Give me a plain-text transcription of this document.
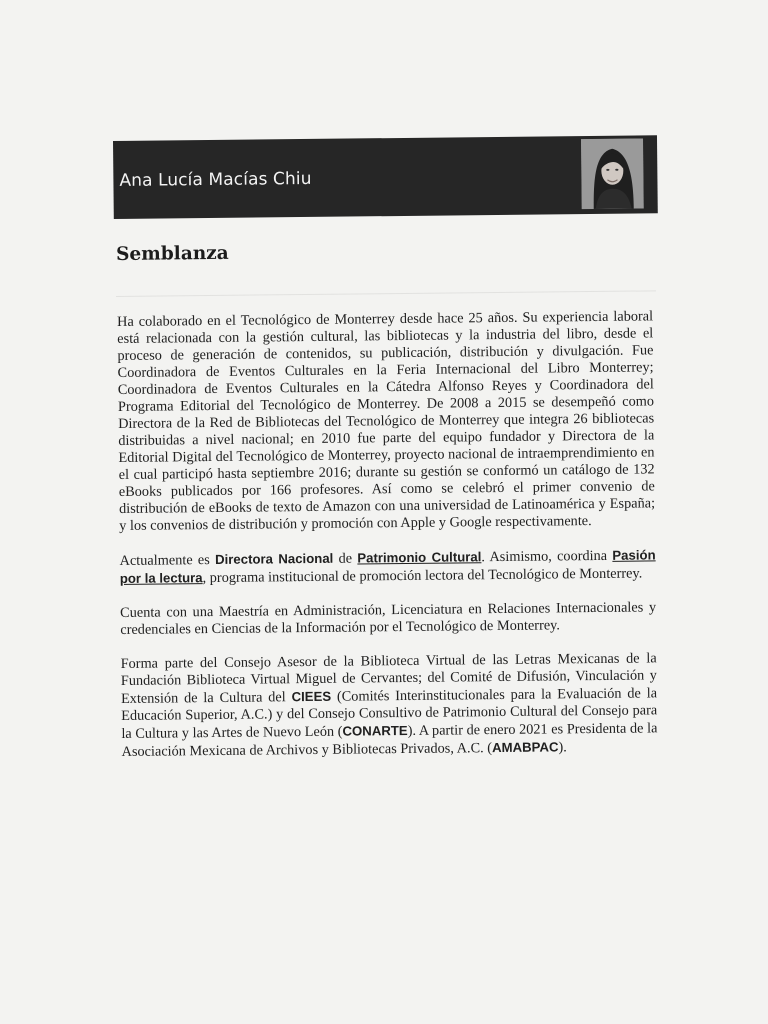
Ana Lucía Macías Chiu
Semblanza

Ha colaborado en el Tecnológico de Monterrey desde hace 25 años. Su experiencia laboral está relacionada con la gestión cultural, las bibliotecas y la industria del libro, desde el proceso de generación de contenidos, su publicación, distribución y divulgación. Fue Coordinadora de Eventos Culturales en la Feria Internacional del Libro Monterrey; Coordinadora de Eventos Culturales en la Cátedra Alfonso Reyes y Coordinadora del Programa Editorial del Tecnológico de Monterrey. De 2008 a 2015 se desempeñó como Directora de la Red de Bibliotecas del Tecnológico de Monterrey que integra 26 bibliotecas distribuidas a nivel nacional; en 2010 fue parte del equipo fundador y Directora de la Editorial Digital del Tecnológico de Monterrey, proyecto nacional de intraemprendimiento en el cual participó hasta septiembre 2016; durante su gestión se conformó un catálogo de 132 eBooks publicados por 166 profesores. Así como se celebró el primer convenio de distribución de eBooks de texto de Amazon con una universidad de Latinoamérica y España; y los convenios de distribución y promoción con Apple y Google respectivamente.

Actualmente es Directora Nacional de Patrimonio Cultural. Asimismo, coordina Pasión por la lectura, programa institucional de promoción lectora del Tecnológico de Monterrey.

Cuenta con una Maestría en Administración, Licenciatura en Relaciones Internacionales y credenciales en Ciencias de la Información por el Tecnológico de Monterrey.

Forma parte del Consejo Asesor de la Biblioteca Virtual de las Letras Mexicanas de la Fundación Biblioteca Virtual Miguel de Cervantes; del Comité de Difusión, Vinculación y Extensión de la Cultura del CIEES (Comités Interinstitucionales para la Evaluación de la Educación Superior, A.C.) y del Consejo Consultivo de Patrimonio Cultural del Consejo para la Cultura y las Artes de Nuevo León (CONARTE). A partir de enero 2021 es Presidenta de la Asociación Mexicana de Archivos y Bibliotecas Privados, A.C. (AMABPAC).
